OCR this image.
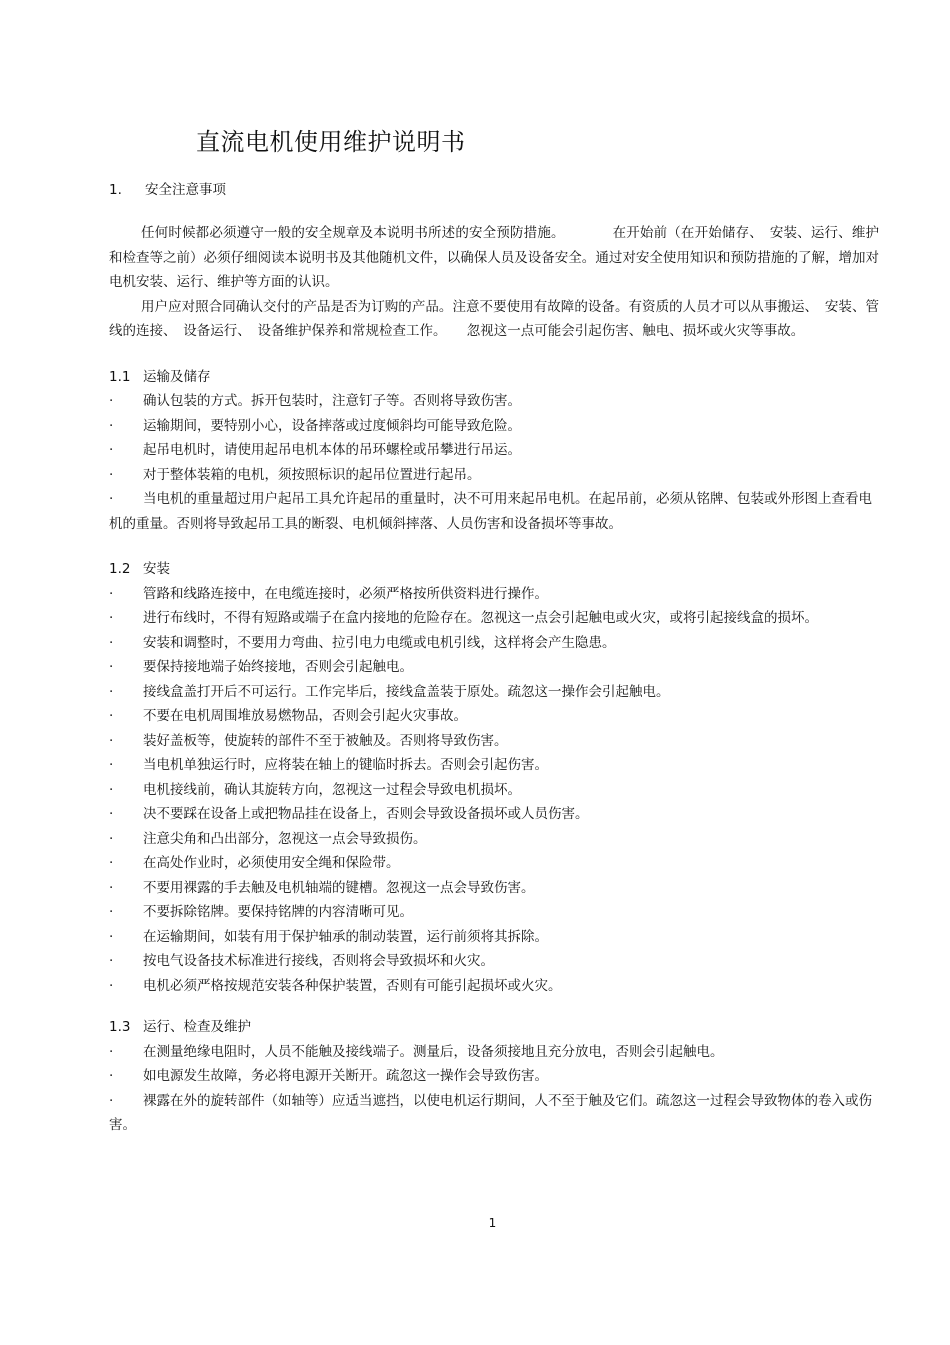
直流电机使用维护说明书
1. 安全注意事项

任何时候都必须遵守一般的安全规章及本说明书所述的安全预防措施。　　　　在开始前（在开始储存、　安装、运行、维护和检查等之前）必须仔细阅读本说明书及其他随机文件，以确保人员及设备安全。通过对安全使用知识和预防措施的了解，增加对电机安装、运行、维护等方面的认识。

用户应对照合同确认交付的产品是否为订购的产品。注意不要使用有故障的设备。有资质的人员才可以从事搬运、　安装、管线的连接、　设备运行、　设备维护保养和常规检查工作。　　忽视这一点可能会引起伤害、触电、损坏或火灾等事故。

1.1 运输及储存

·	确认包装的方式。拆开包装时，注意钉子等。否则将导致伤害。
·	运输期间，要特别小心，设备摔落或过度倾斜均可能导致危险。
·	起吊电机时，请使用起吊电机本体的吊环螺栓或吊攀进行吊运。
·	对于整体装箱的电机，须按照标识的起吊位置进行起吊。
· 当电机的重量超过用户起吊工具允许起吊的重量时，决不可用来起吊电机。在起吊前，必须从铭牌、包装或外形图上查看电机的重量。否则将导致起吊工具的断裂、电机倾斜摔落、人员伤害和设备损坏等事故。

1.2 安装

·	管路和线路连接中，在电缆连接时，必须严格按所供资料进行操作。
· 进行布线时，不得有短路或端子在盒内接地的危险存在。忽视这一点会引起触电或火灾，或将引起接线盒的损坏。
·	安装和调整时，不要用力弯曲、拉引电力电缆或电机引线，这样将会产生隐患。
·	要保持接地端子始终接地，否则会引起触电。
·	接线盒盖打开后不可运行。工作完毕后，接线盒盖装于原处。疏忽这一操作会引起触电。
·	不要在电机周围堆放易燃物品，否则会引起火灾事故。
·	装好盖板等，使旋转的部件不至于被触及。否则将导致伤害。
·	当电机单独运行时，应将装在轴上的键临时拆去。否则会引起伤害。
·	电机接线前，确认其旋转方向，忽视这一过程会导致电机损坏。
·	决不要踩在设备上或把物品挂在设备上，否则会导致设备损坏或人员伤害。
·	注意尖角和凸出部分，忽视这一点会导致损伤。
·	在高处作业时，必须使用安全绳和保险带。
·	不要用裸露的手去触及电机轴端的键槽。忽视这一点会导致伤害。
·	不要拆除铭牌。要保持铭牌的内容清晰可见。
·	在运输期间，如装有用于保护轴承的制动装置，运行前须将其拆除。
·	按电气设备技术标准进行接线，否则将会导致损坏和火灾。
·	电机必须严格按规范安装各种保护装置，否则有可能引起损坏或火灾。

1.3 运行、检查及维护

·	在测量绝缘电阻时，人员不能触及接线端子。测量后，设备须接地且充分放电，否则会引起触电。
·	如电源发生故障，务必将电源开关断开。疏忽这一操作会导致伤害。
· 裸露在外的旋转部件（如轴等）应适当遮挡，以使电机运行期间，人不至于触及它们。疏忽这一过程会导致物体的卷入或伤害。
1
